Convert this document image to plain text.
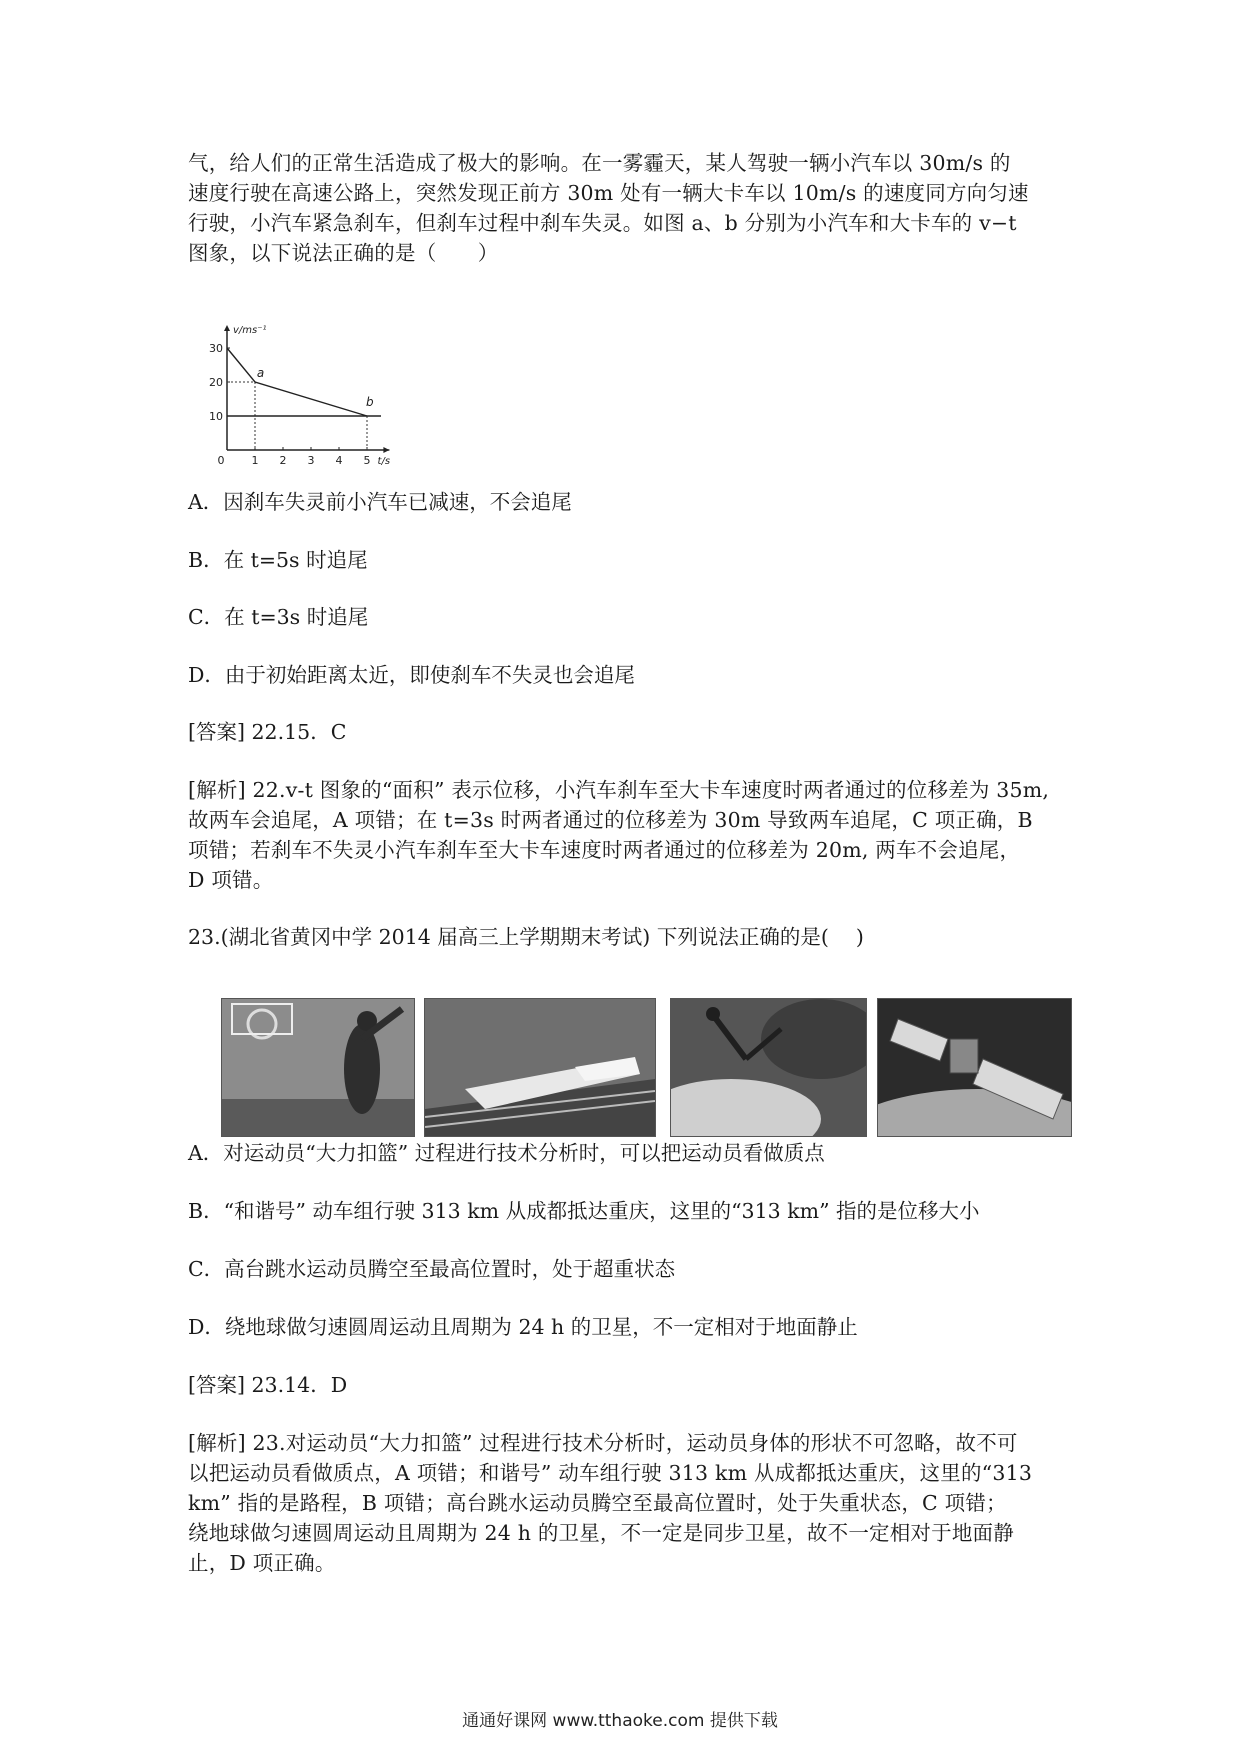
气，给人们的正常生活造成了极大的影响。在一雾霾天，某人驾驶一辆小汽车以 30m/s 的
速度行驶在高速公路上，突然发现正前方 30m 处有一辆大卡车以 10m/s 的速度同方向匀速
行驶，小汽车紧急刹车，但刹车过程中刹车失灵。如图 a、b 分别为小汽车和大卡车的 v−t
图象，以下说法正确的是（　　）

0 1 2 3 4 5
10
20
30
a
b
v/ms⁻¹
t/s

A．因刹车失灵前小汽车已减速，不会追尾

B．在 t=5s 时追尾

C．在 t=3s 时追尾

D．由于初始距离太近，即使刹车不失灵也会追尾

[答案] 22.15．C

[解析] 22.v-t 图象的“面积” 表示位移，小汽车刹车至大卡车速度时两者通过的位移差为 35m,
故两车会追尾，A 项错；在 t=3s 时两者通过的位移差为 30m 导致两车追尾，C 项正确，B
项错；若刹车不失灵小汽车刹车至大卡车速度时两者通过的位移差为 20m, 两车不会追尾，
D 项错。

23.(湖北省黄冈中学 2014 届高三上学期期末考试) 下列说法正确的是(　 )

A．对运动员“大力扣篮” 过程进行技术分析时，可以把运动员看做质点

B．“和谐号” 动车组行驶 313 km 从成都抵达重庆，这里的“313 km” 指的是位移大小

C．高台跳水运动员腾空至最高位置时，处于超重状态

D．绕地球做匀速圆周运动且周期为 24 h 的卫星，不一定相对于地面静止

[答案] 23.14．D

[解析] 23.对运动员“大力扣篮” 过程进行技术分析时，运动员身体的形状不可忽略，故不可
以把运动员看做质点，A 项错；和谐号” 动车组行驶 313 km 从成都抵达重庆，这里的“313
km” 指的是路程，B 项错；高台跳水运动员腾空至最高位置时，处于失重状态，C 项错；
绕地球做匀速圆周运动且周期为 24 h 的卫星，不一定是同步卫星，故不一定相对于地面静
止，D 项正确。

通通好课网 www.tthaoke.com 提供下载
